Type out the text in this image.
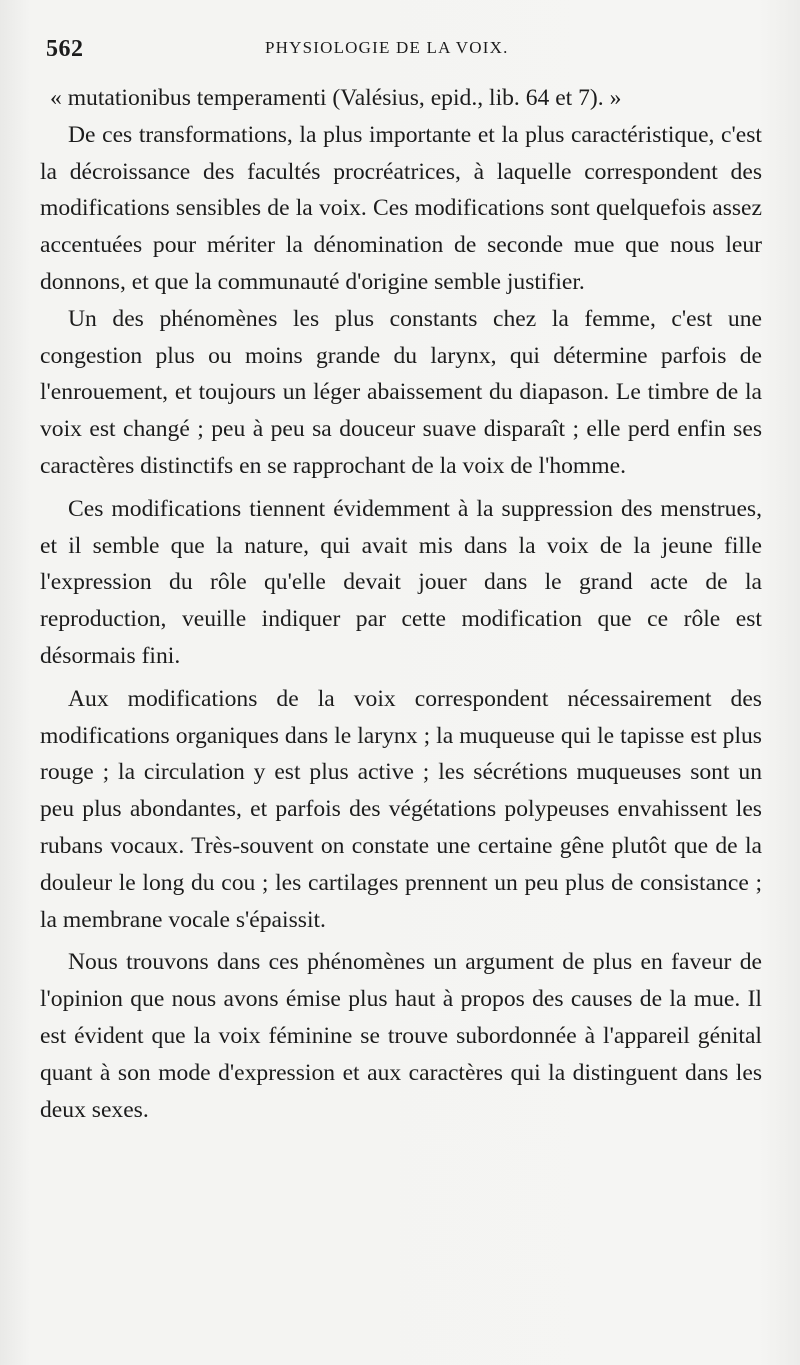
562	PHYSIOLOGIE DE LA VOIX.

« mutationibus temperamenti (Valésius, epid., lib. 64 et 7). »

De ces transformations, la plus importante et la plus caractéristique, c'est la décroissance des facultés procréatrices, à laquelle correspondent des modifications sensibles de la voix. Ces modifications sont quelquefois assez accentuées pour mériter la dénomination de seconde mue que nous leur donnons, et que la communauté d'origine semble justifier.

Un des phénomènes les plus constants chez la femme, c'est une congestion plus ou moins grande du larynx, qui détermine parfois de l'enrouement, et toujours un léger abaissement du diapason. Le timbre de la voix est changé ; peu à peu sa douceur suave disparaît ; elle perd enfin ses caractères distinctifs en se rapprochant de la voix de l'homme.

Ces modifications tiennent évidemment à la suppression des menstrues, et il semble que la nature, qui avait mis dans la voix de la jeune fille l'expression du rôle qu'elle devait jouer dans le grand acte de la reproduction, veuille indiquer par cette modification que ce rôle est désormais fini.

Aux modifications de la voix correspondent nécessairement des modifications organiques dans le larynx ; la muqueuse qui le tapisse est plus rouge ; la circulation y est plus active ; les sécrétions muqueuses sont un peu plus abondantes, et parfois des végétations polypeuses envahissent les rubans vocaux. Très-souvent on constate une certaine gêne plutôt que de la douleur le long du cou ; les cartilages prennent un peu plus de consistance ; la membrane vocale s'épaissit.

Nous trouvons dans ces phénomènes un argument de plus en faveur de l'opinion que nous avons émise plus haut à propos des causes de la mue. Il est évident que la voix féminine se trouve subordonnée à l'appareil génital quant à son mode d'expression et aux caractères qui la distinguent dans les deux sexes.
